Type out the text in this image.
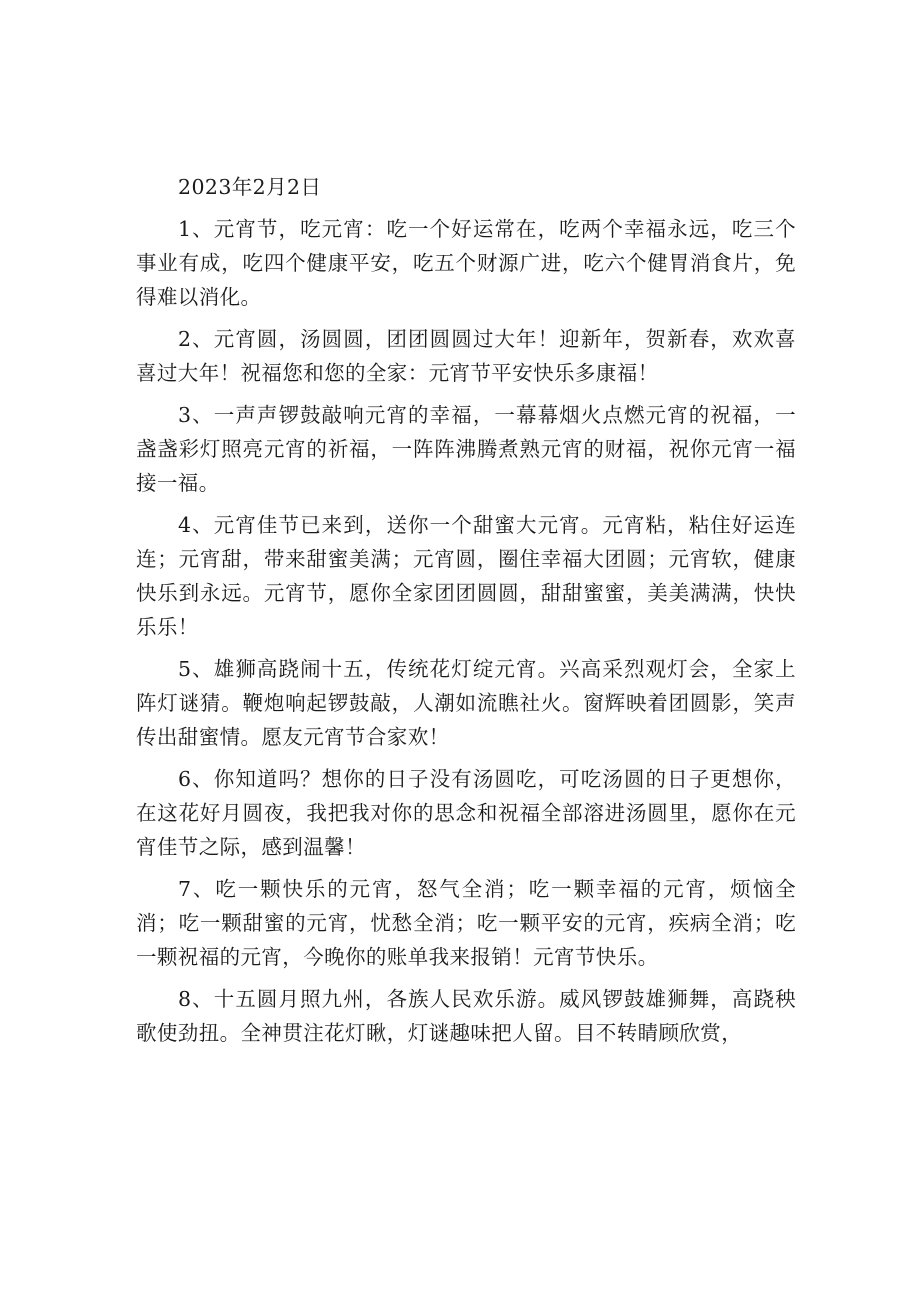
2023年2月2日

1、元宵节，吃元宵：吃一个好运常在，吃两个幸福永远，吃三个事业有成，吃四个健康平安，吃五个财源广进，吃六个健胃消食片，免得难以消化。

2、元宵圆，汤圆圆，团团圆圆过大年！迎新年，贺新春，欢欢喜喜过大年！祝福您和您的全家：元宵节平安快乐多康福！

3、一声声锣鼓敲响元宵的幸福，一幕幕烟火点燃元宵的祝福，一盏盏彩灯照亮元宵的祈福，一阵阵沸腾煮熟元宵的财福，祝你元宵一福接一福。

4、元宵佳节已来到，送你一个甜蜜大元宵。元宵粘，粘住好运连连；元宵甜，带来甜蜜美满；元宵圆，圈住幸福大团圆；元宵软，健康快乐到永远。元宵节，愿你全家团团圆圆，甜甜蜜蜜，美美满满，快快乐乐！

5、雄狮高跷闹十五，传统花灯绽元宵。兴高采烈观灯会，全家上阵灯谜猜。鞭炮响起锣鼓敲，人潮如流瞧社火。窗辉映着团圆影，笑声传出甜蜜情。愿友元宵节合家欢！

6、你知道吗？想你的日子没有汤圆吃，可吃汤圆的日子更想你，在这花好月圆夜，我把我对你的思念和祝福全部溶进汤圆里，愿你在元宵佳节之际，感到温馨！

7、吃一颗快乐的元宵，怒气全消；吃一颗幸福的元宵，烦恼全消；吃一颗甜蜜的元宵，忧愁全消；吃一颗平安的元宵，疾病全消；吃一颗祝福的元宵，今晚你的账单我来报销！元宵节快乐。

8、十五圆月照九州，各族人民欢乐游。威风锣鼓雄狮舞，高跷秧歌使劲扭。全神贯注花灯瞅，灯谜趣味把人留。目不转睛顾欣赏，
